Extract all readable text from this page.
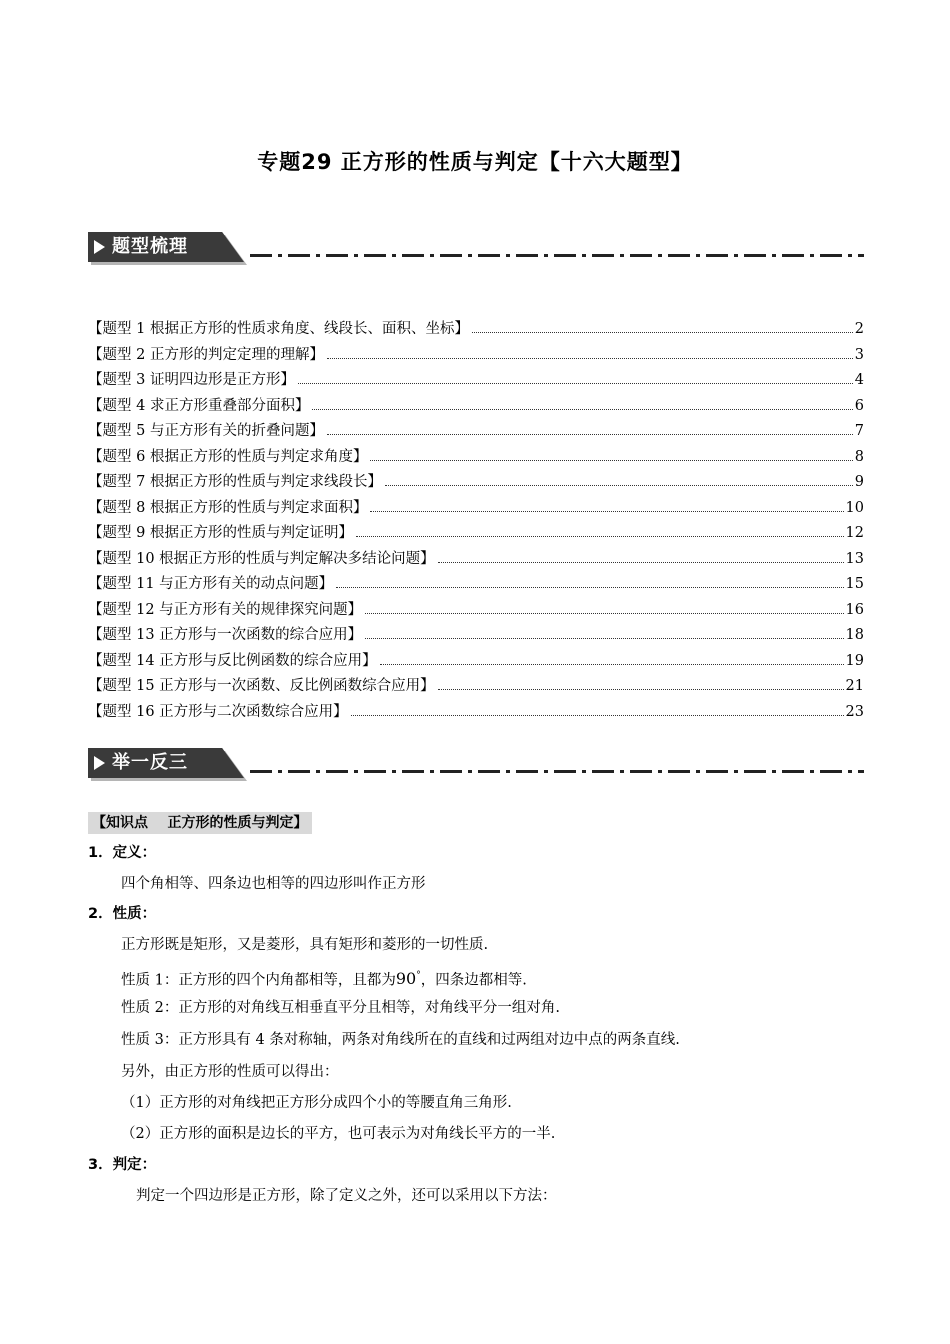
专题29 正方形的性质与判定【十六大题型】
题型梳理
【题型 1 根据正方形的性质求角度、线段长、面积、坐标】	2
【题型 2 正方形的判定定理的理解】	3
【题型 3 证明四边形是正方形】	4
【题型 4 求正方形重叠部分面积】	6
【题型 5 与正方形有关的折叠问题】	7
【题型 6 根据正方形的性质与判定求角度】	8
【题型 7 根据正方形的性质与判定求线段长】	9
【题型 8 根据正方形的性质与判定求面积】	10
【题型 9 根据正方形的性质与判定证明】	12
【题型 10 根据正方形的性质与判定解决多结论问题】	13
【题型 11 与正方形有关的动点问题】	15
【题型 12 与正方形有关的规律探究问题】	16
【题型 13 正方形与一次函数的综合应用】	18
【题型 14 正方形与反比例函数的综合应用】	19
【题型 15 正方形与一次函数、反比例函数综合应用】	21
【题型 16 正方形与二次函数综合应用】	23
举一反三
【知识点    正方形的性质与判定】
1．定义：
四个角相等、四条边也相等的四边形叫作正方形
2．性质：
正方形既是矩形，又是菱形，具有矩形和菱形的一切性质.
性质 1：正方形的四个内角都相等，且都为90°，四条边都相等.
性质 2：正方形的对角线互相垂直平分且相等，对角线平分一组对角.
性质 3：正方形具有 4 条对称轴，两条对角线所在的直线和过两组对边中点的两条直线.
另外，由正方形的性质可以得出：
（1）正方形的对角线把正方形分成四个小的等腰直角三角形.
（2）正方形的面积是边长的平方，也可表示为对角线长平方的一半.
3．判定：
判定一个四边形是正方形，除了定义之外，还可以采用以下方法：
